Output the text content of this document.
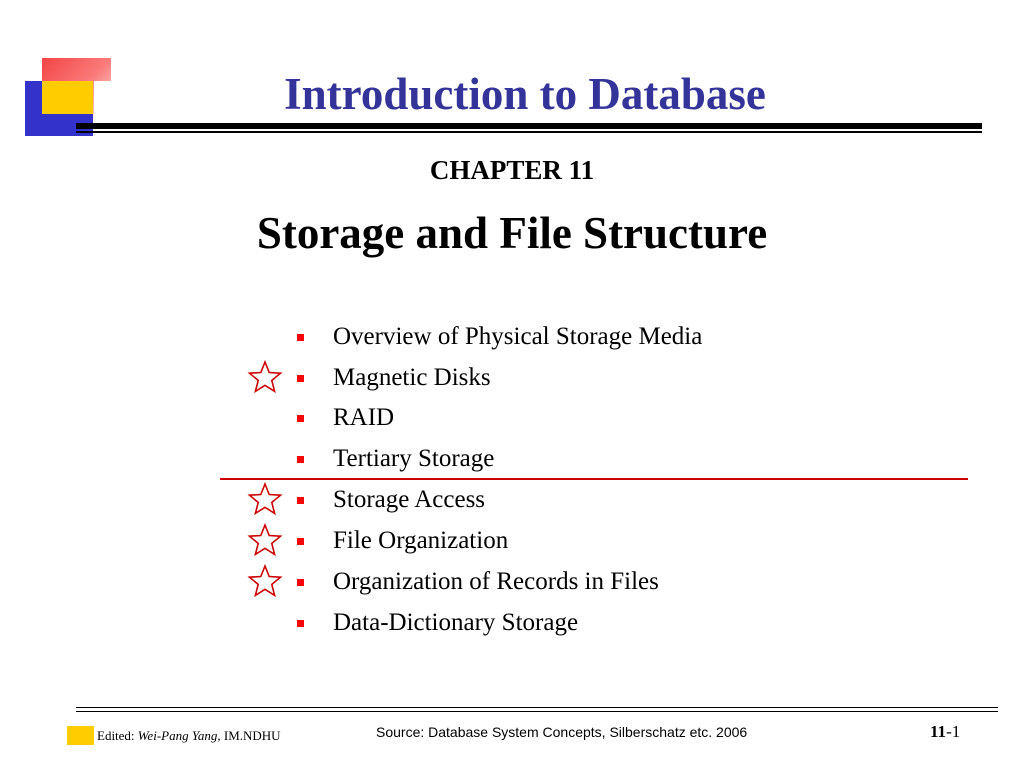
Introduction to Database
CHAPTER 11
Storage and File Structure
Overview of Physical Storage Media
Magnetic Disks
RAID
Tertiary Storage
Storage Access
File Organization
Organization of Records in Files
Data-Dictionary Storage
Edited: Wei-Pang Yang, IM.NDHU	Source: Database System Concepts, Silberschatz etc. 2006	11-1
